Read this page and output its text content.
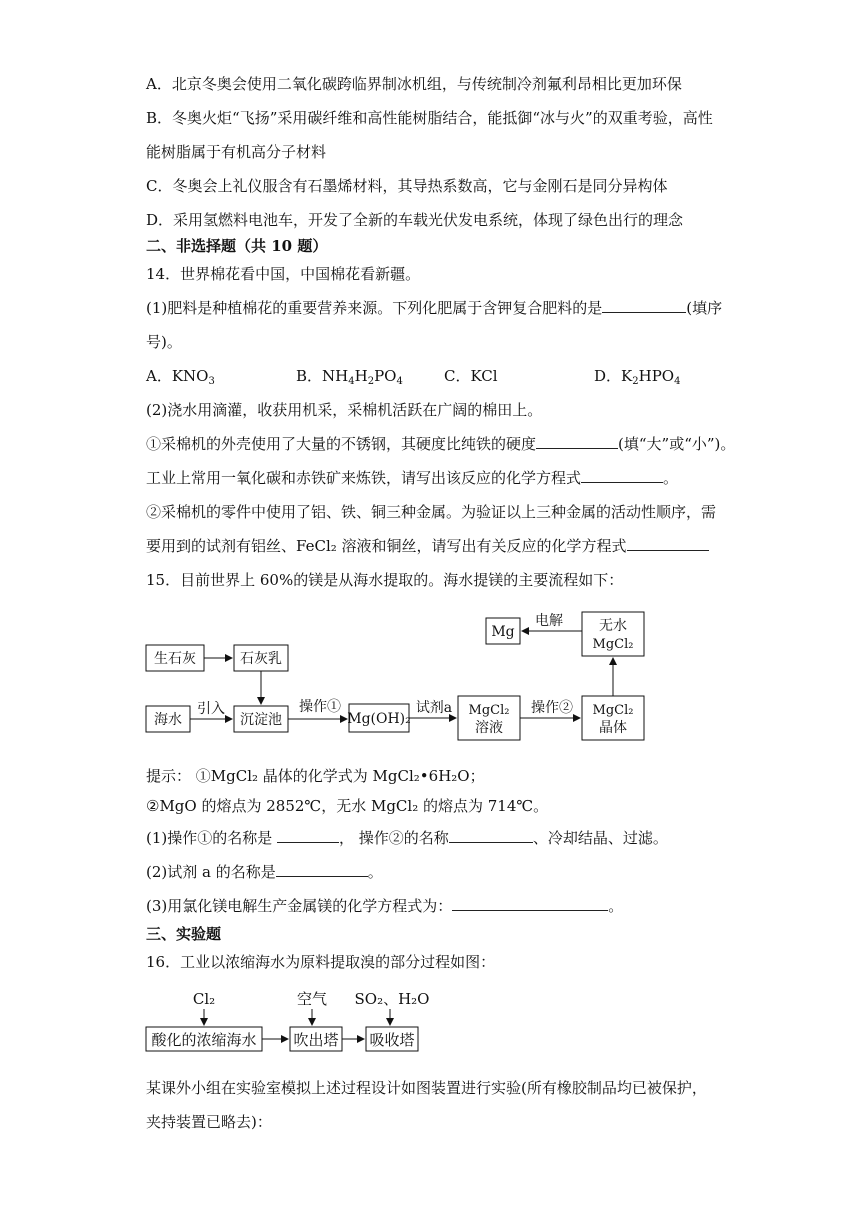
A．北京冬奥会使用二氧化碳跨临界制冰机组，与传统制冷剂氟利昂相比更加环保
B．冬奥火炬“飞扬”采用碳纤维和高性能树脂结合，能抵御“冰与火”的双重考验，高性
能树脂属于有机高分子材料
C．冬奥会上礼仪服含有石墨烯材料，其导热系数高，它与金刚石是同分异构体
D．采用氢燃料电池车，开发了全新的车载光伏发电系统，体现了绿色出行的理念
二、非选择题（共 10 题）
14．世界棉花看中国，中国棉花看新疆。
(1)肥料是种植棉花的重要营养来源。下列化肥属于含钾复合肥料的是	(填序
号)。
A．$KNO_3$	B．$NH_4H_2PO_4$	C．KCl	D．$K_2HPO_4$
(2)浇水用滴灌，收获用机采，采棉机活跃在广阔的棉田上。
①采棉机的外壳使用了大量的不锈钢，其硬度比纯铁的硬度	(填“大”或“小”)。
工业上常用一氧化碳和赤铁矿来炼铁，请写出该反应的化学方程式	。
②采棉机的零件中使用了铝、铁、铜三种金属。为验证以上三种金属的活动性顺序，需
要用到的试剂有铝丝、FeCl₂ 溶液和铜丝，请写出有关反应的化学方程式
15．目前世界上 60%的镁是从海水提取的。海水提镁的主要流程如下：
生石灰	石灰乳
海水	沉淀池	Mg(OH)₂
MgCl₂
溶液
MgCl₂
晶体
无水
MgCl₂
Mg
引入	操作①	试剂a	操作②
电解
提示： ①MgCl₂ 晶体的化学式为 MgCl₂•6H₂O；
②MgO 的熔点为 2852℃，无水 MgCl₂ 的熔点为 714℃。
(1)操作①的名称是	， 操作②的名称	、冷却结晶、过滤。
(2)试剂 a 的名称是	。
(3)用氯化镁电解生产金属镁的化学方程式为：	。
三、实验题
16．工业以浓缩海水为原料提取溴的部分过程如图：
酸化的浓缩海水 吹出塔 吸收塔
Cl₂	空气 SO₂、H₂O
某课外小组在实验室模拟上述过程设计如图装置进行实验(所有橡胶制品均已被保护，
夹持装置已略去)：
